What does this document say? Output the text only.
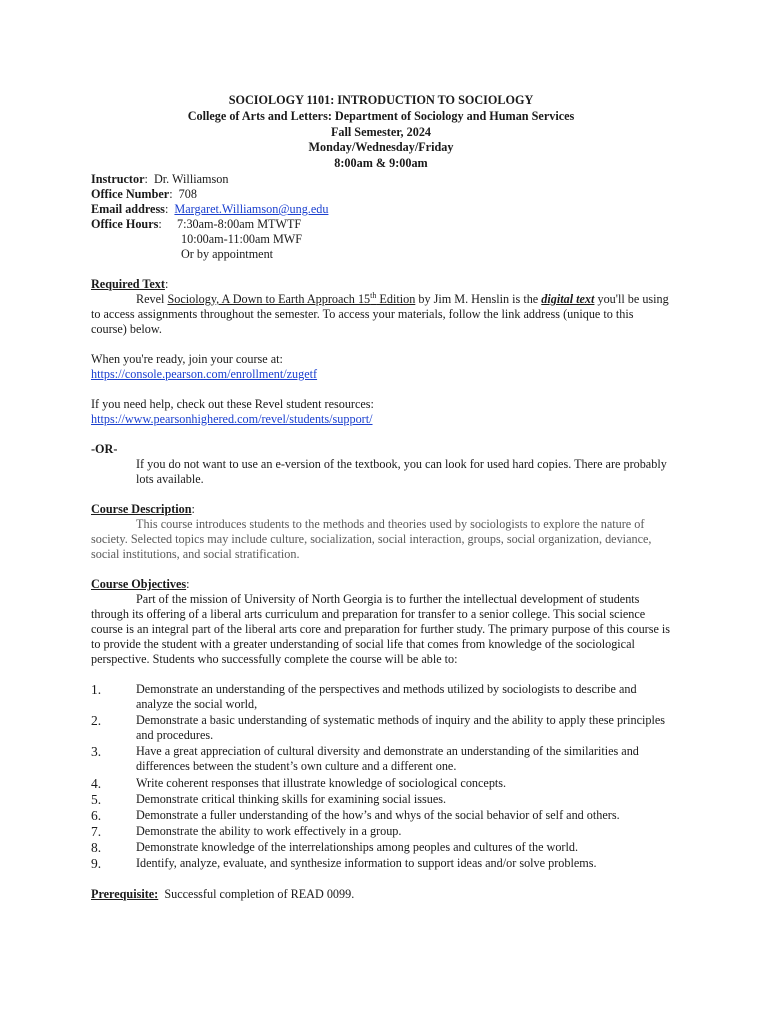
SOCIOLOGY 1101: INTRODUCTION TO SOCIOLOGY
College of Arts and Letters: Department of Sociology and Human Services
Fall Semester, 2024
Monday/Wednesday/Friday
8:00am & 9:00am
Instructor : Dr. Williamson
Office Number : 708
Email address : Margaret.Williamson@ung.edu
Office Hours : 7:30am-8:00am MTWTF
10:00am-11:00am MWF
Or by appointment
Required Text:
Revel Sociology, A Down to Earth Approach 15th Edition by Jim M. Henslin is the digital text you'll be using to access assignments throughout the semester. To access your materials, follow the link address (unique to this course) below.
When you're ready, join your course at:
https://console.pearson.com/enrollment/zugetf
If you need help, check out these Revel student resources:
https://www.pearsonhighered.com/revel/students/support/
-OR-
If you do not want to use an e-version of the textbook, you can look for used hard copies. There are probably lots available.
Course Description:
This course introduces students to the methods and theories used by sociologists to explore the nature of society. Selected topics may include culture, socialization, social interaction, groups, social organization, deviance, social institutions, and social stratification.
Course Objectives:
Part of the mission of University of North Georgia is to further the intellectual development of students through its offering of a liberal arts curriculum and preparation for transfer to a senior college. This social science course is an integral part of the liberal arts core and preparation for further study. The primary purpose of this course is to provide the student with a greater understanding of social life that comes from knowledge of the sociological perspective. Students who successfully complete the course will be able to:
1.	Demonstrate an understanding of the perspectives and methods utilized by sociologists to describe and analyze the social world,
2.	Demonstrate a basic understanding of systematic methods of inquiry and the ability to apply these principles and procedures.
3.	Have a great appreciation of cultural diversity and demonstrate an understanding of the similarities and differences between the student’s own culture and a different one.
4.	Write coherent responses that illustrate knowledge of sociological concepts.
5.	Demonstrate critical thinking skills for examining social issues.
6.	Demonstrate a fuller understanding of the how’s and whys of the social behavior of self and others.
7.	Demonstrate the ability to work effectively in a group.
8.	Demonstrate knowledge of the interrelationships among peoples and cultures of the world.
9.	Identify, analyze, evaluate, and synthesize information to support ideas and/or solve problems.
Prerequisite: Successful completion of READ 0099.
